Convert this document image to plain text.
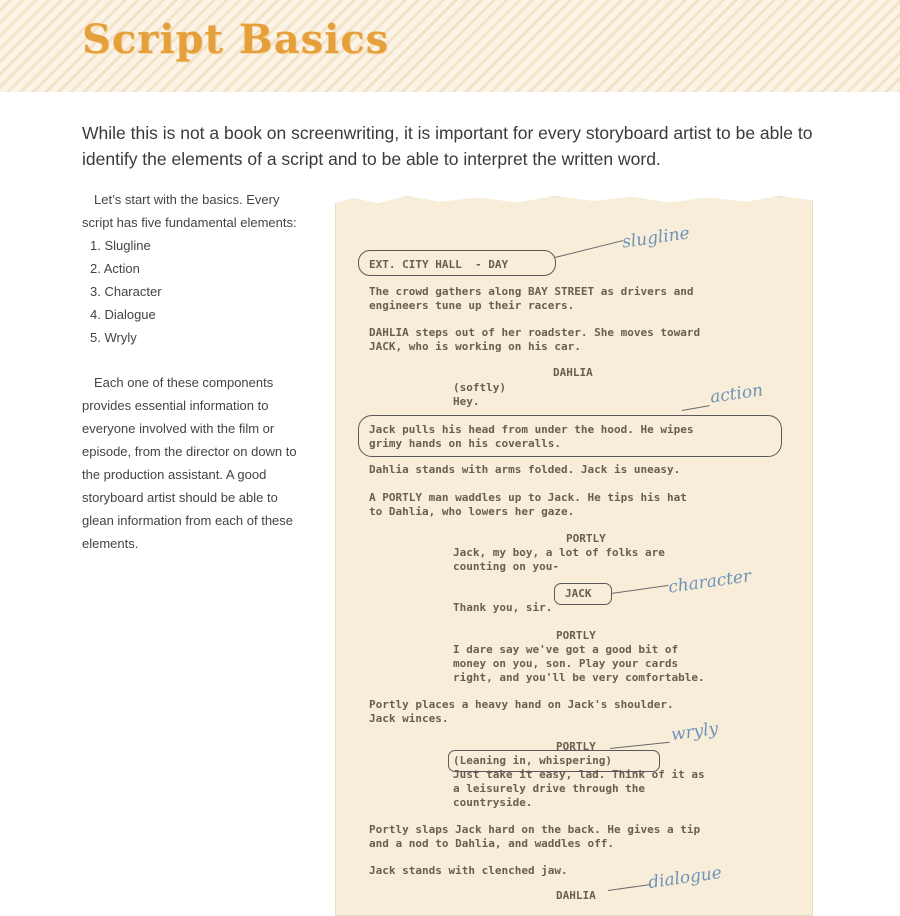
Script Basics

While this is not a book on screenwriting, it is important for every storyboard artist to be able to identify the elements of a script and to be able to interpret the written word.

Let’s start with the basics. Every script has five fundamental elements:

1. Slugline
2. Action
3. Character
4. Dialogue
5. Wryly

Each one of these components provides essential information to everyone involved with the film or episode, from the director on down to the production assistant. A good storyboard artist should be able to glean information from each of these elements.

EXT. CITY HALL  - DAY
The crowd gathers along BAY STREET as drivers and
engineers tune up their racers.
DAHLIA steps out of her roadster. She moves toward
JACK, who is working on his car.
DAHLIA
(softly)
Hey.
Jack pulls his head from under the hood. He wipes
grimy hands on his coveralls.
Dahlia stands with arms folded. Jack is uneasy.
A PORTLY man waddles up to Jack. He tips his hat
to Dahlia, who lowers her gaze.
PORTLY
Jack, my boy, a lot of folks are
counting on you-
JACK
Thank you, sir.
PORTLY
I dare say we've got a good bit of
money on you, son. Play your cards
right, and you'll be very comfortable.
Portly places a heavy hand on Jack's shoulder.
Jack winces.
PORTLY
(Leaning in, whispering)
Just take it easy, lad. Think of it as
a leisurely drive through the
countryside.
Portly slaps Jack hard on the back. He gives a tip
and a nod to Dahlia, and waddles off.
Jack stands with clenched jaw.
DAHLIA
slugline
action
character
wryly
dialogue
